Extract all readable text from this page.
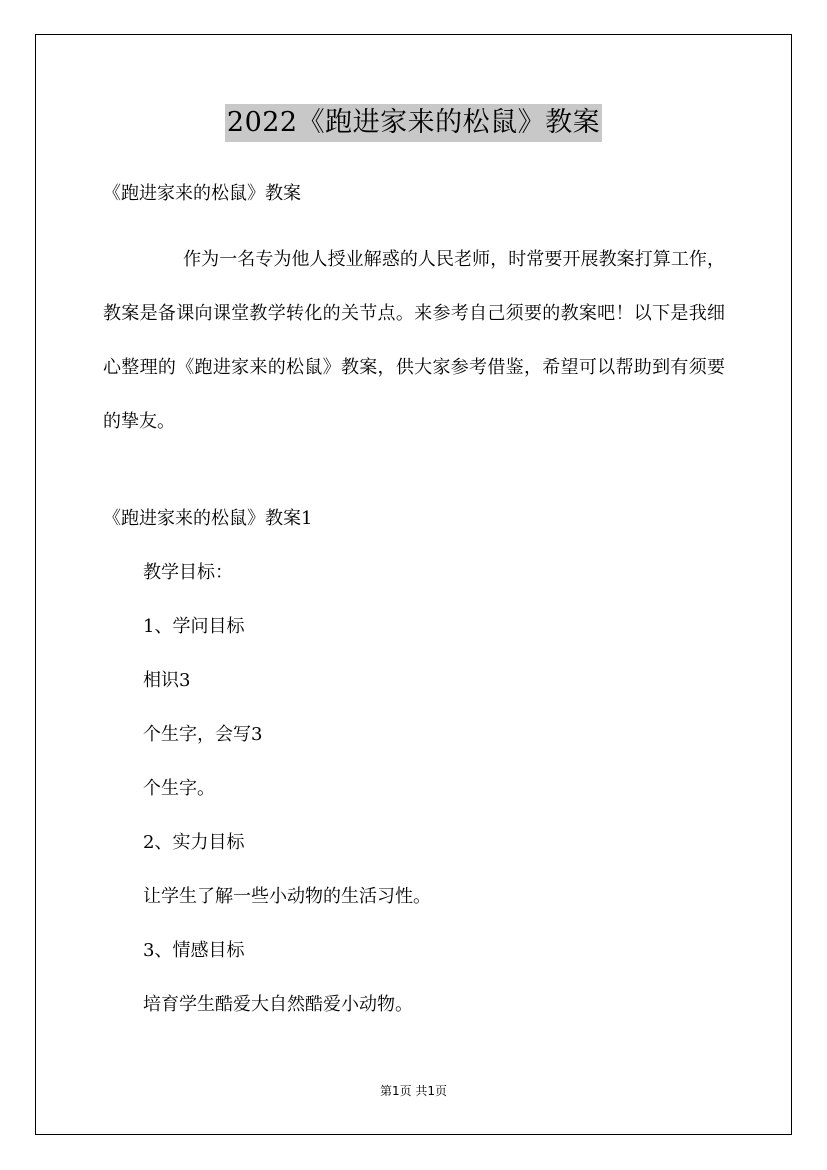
2022《跑进家来的松鼠》教案
《跑进家来的松鼠》教案
作为一名专为他人授业解惑的人民老师，时常要开展教案打算工作，教案是备课向课堂教学转化的关节点。来参考自己须要的教案吧！以下是我细心整理的《跑进家来的松鼠》教案，供大家参考借鉴，希望可以帮助到有须要的挚友。
《跑进家来的松鼠》教案1
教学目标：
1、学问目标
相识3
个生字，会写3
个生字。
2、实力目标
让学生了解一些小动物的生活习性。
3、情感目标
培育学生酷爱大自然酷爱小动物。
第1页 共1页
